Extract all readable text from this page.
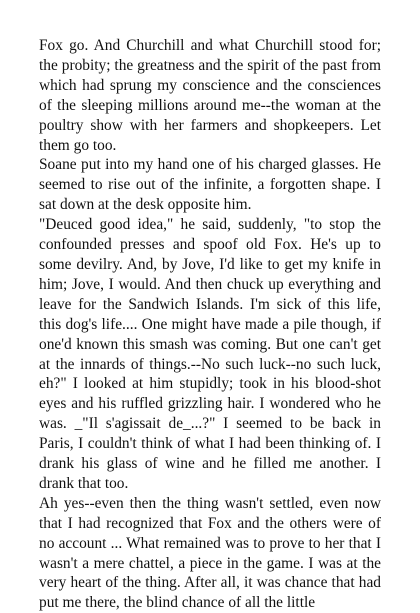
Fox go. And Churchill and what Churchill stood for; the probity; the greatness and the spirit of the past from which had sprung my conscience and the consciences of the sleeping millions around me--the woman at the poultry show with her farmers and shopkeepers. Let them go too.

Soane put into my hand one of his charged glasses. He seemed to rise out of the infinite, a forgotten shape. I sat down at the desk opposite him.

"Deuced good idea," he said, suddenly, "to stop the confounded presses and spoof old Fox. He's up to some devilry. And, by Jove, I'd like to get my knife in him; Jove, I would. And then chuck up everything and leave for the Sandwich Islands. I'm sick of this life, this dog's life.... One might have made a pile though, if one'd known this smash was coming. But one can't get at the innards of things.--No such luck--no such luck, eh?" I looked at him stupidly; took in his blood-shot eyes and his ruffled grizzling hair. I wondered who he was. _"Il s'agissait de_...?" I seemed to be back in Paris, I couldn't think of what I had been thinking of. I drank his glass of wine and he filled me another. I drank that too.

Ah yes--even then the thing wasn't settled, even now that I had recognized that Fox and the others were of no account ... What remained was to prove to her that I wasn't a mere chattel, a piece in the game. I was at the very heart of the thing. After all, it was chance that had put me there, the blind chance of all the little
